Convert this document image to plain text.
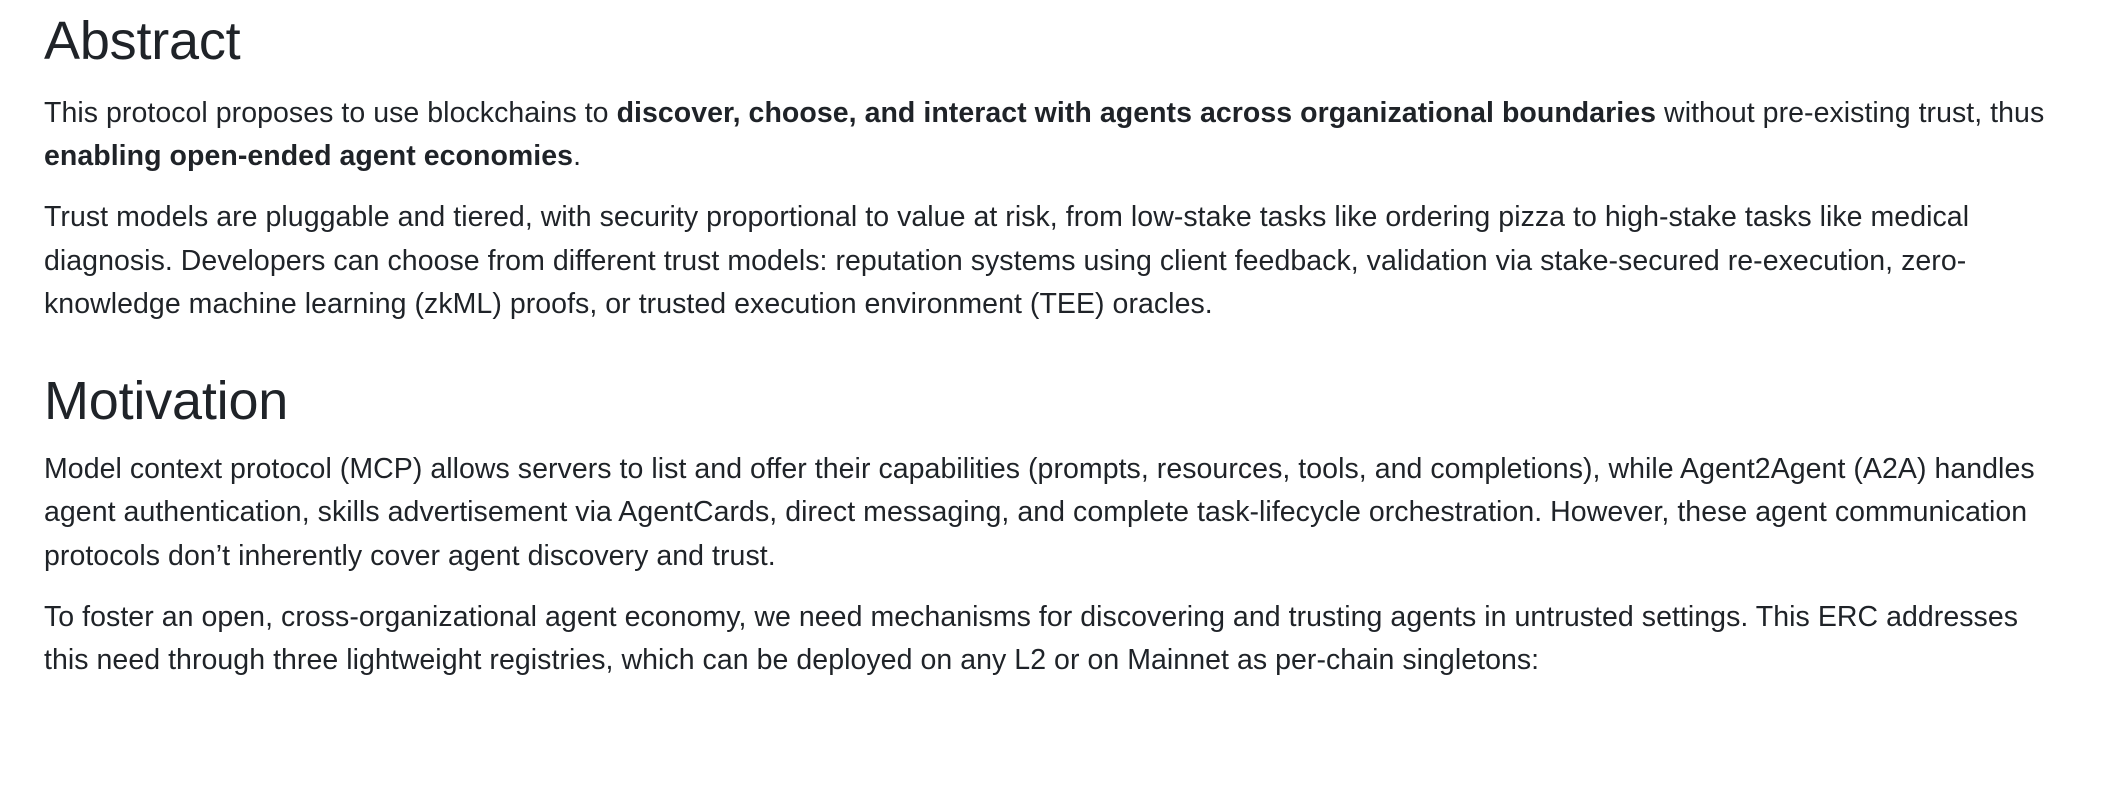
Abstract

This protocol proposes to use blockchains to discover, choose, and interact with agents across organizational boundaries without pre-existing trust, thus enabling open-ended agent economies.

Trust models are pluggable and tiered, with security proportional to value at risk, from low-stake tasks like ordering pizza to high-stake tasks like medical diagnosis. Developers can choose from different trust models: reputation systems using client feedback, validation via stake-secured re-execution, zero-knowledge machine learning (zkML) proofs, or trusted execution environment (TEE) oracles.

Motivation

Model context protocol (MCP) allows servers to list and offer their capabilities (prompts, resources, tools, and completions), while Agent2Agent (A2A) handles agent authentication, skills advertisement via AgentCards, direct messaging, and complete task-lifecycle orchestration. However, these agent communication protocols don’t inherently cover agent discovery and trust.

To foster an open, cross-organizational agent economy, we need mechanisms for discovering and trusting agents in untrusted settings. This ERC addresses this need through three lightweight registries, which can be deployed on any L2 or on Mainnet as per-chain singletons:
